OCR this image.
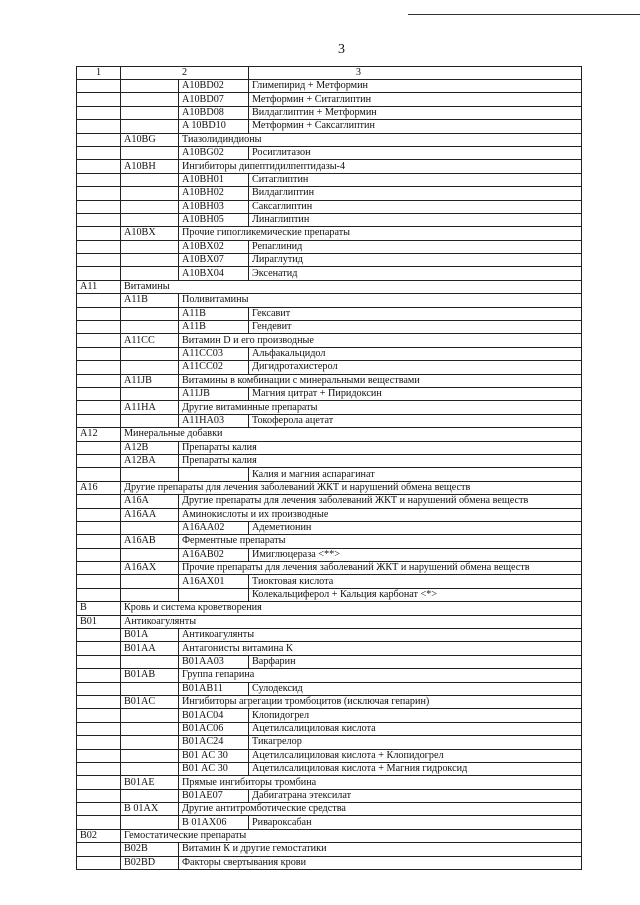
3
1	2		3
		A10BD02	Глимепирид + Метформин
		A10BD07	Метформин + Ситаглиптин
		A10BD08	Вилдаглиптин + Метформин
		A 10BD10	Метформин + Саксаглиптин
	A10BG	Тиазолидиндионы	
		A10BG02	Росиглитазон
	A10BH	Ингибиторы дипептидилпептидазы-4	
		A10BH01	Ситаглиптин
		A10BH02	Вилдаглиптин
		A10BH03	Саксаглиптин
		A10BH05	Линаглиптин
	A10BX	Прочие гипогликемические препараты	
		A10BX02	Репаглинид
		A10BX07	Лираглутид
		A10BX04	Эксенатид
A11	Витамины		
	A11B	Поливитамины	
		A11B	Гексавит
		A11B	Гендевит
	A11CC	Витамин D и его производные	
		A11CC03	Альфакальцидол
		A11CC02	Дигидротахистерол
	A11JB	Витамины в комбинации с минеральными веществами	
		A11JB	Магния цитрат + Пиридоксин
	A11HA	Другие витаминные препараты	
		A11HA03	Токоферола ацетат
A12	Минеральные добавки		
	A12B	Препараты калия	
	A12BA	Препараты калия	
			Калия и магния аспарагинат
A16	Другие препараты для лечения заболеваний ЖКТ и нарушений обмена веществ		
	A16A	Другие препараты для лечения заболеваний ЖКТ и нарушений обмена веществ	
	A16AA	Аминокислоты и их производные	
		A16AA02	Адеметионин
	A16AB	Ферментные препараты	
		A16AB02	Имиглюцераза <**>
	A16AX	Прочие препараты для лечения заболеваний ЖКТ и нарушений обмена веществ	
		A16AX01	Тиоктовая кислота
			Колекальциферол + Кальция карбонат <*>
B	Кровь и система кроветворения		
B01	Антикоагулянты		
	B01A	Антикоагулянты	
	B01AA	Антагонисты витамина К	
		B01AA03	Варфарин
	B01AB	Группа гепарина	
		B01AB11	Сулодексид
	B01AC	Ингибиторы агрегации тромбоцитов (исключая гепарин)	
		B01AC04	Клопидогрел
		B01AC06	Ацетилсалициловая кислота
		B01AC24	Тикагрелор
		B01 AC 30	Ацетилсалициловая кислота + Клопидогрел
		B01 AC 30	Ацетилсалициловая кислота + Магния гидроксид
	B01AE	Прямые ингибиторы тромбина	
		B01AE07	Дабигатрана этексилат
	B 01AX	Другие антитромботические средства	
		B 01AX06	Ривароксабан
B02	Гемостатические препараты		
	B02B	Витамин К и другие гемостатики	
	B02BD	Факторы свертывания крови	
